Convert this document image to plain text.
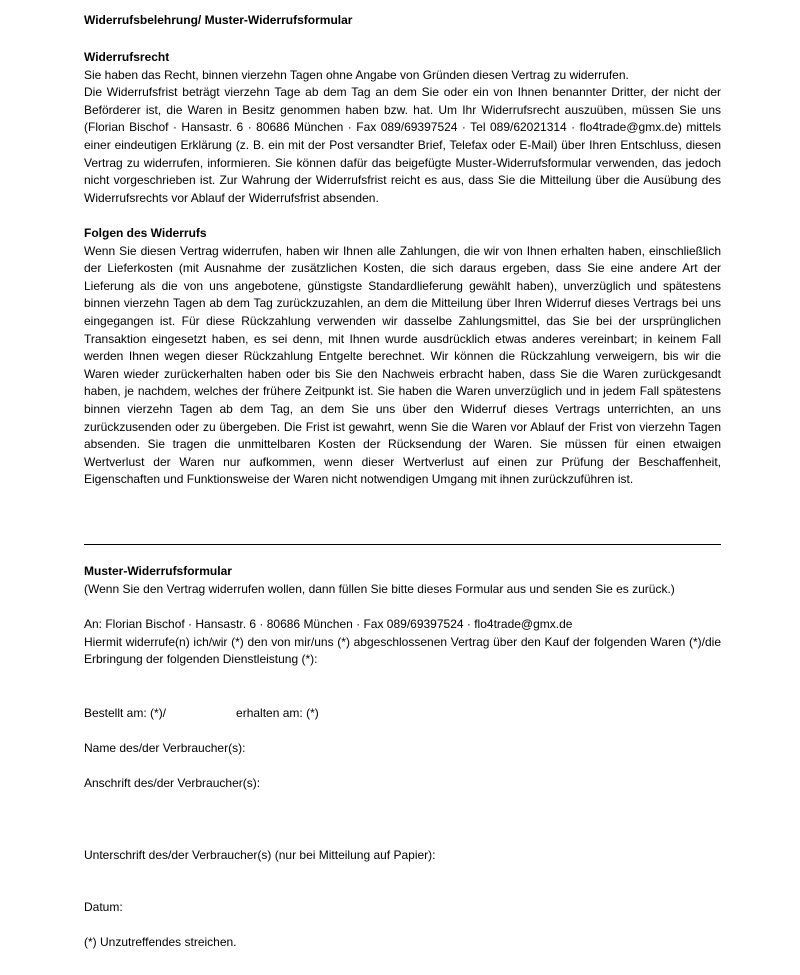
Widerrufsbelehrung/ Muster-Widerrufsformular
Widerrufsrecht

Sie haben das Recht, binnen vierzehn Tagen ohne Angabe von Gründen diesen Vertrag zu widerrufen.

Die Widerrufsfrist beträgt vierzehn Tage ab dem Tag an dem Sie oder ein von Ihnen benannter Dritter, der nicht der Beförderer ist, die Waren in Besitz genommen haben bzw. hat. Um Ihr Widerrufsrecht auszuüben, müssen Sie uns (Florian Bischof · Hansastr. 6 · 80686 München · Fax 089/69397524 · Tel 089/62021314 · flo4trade@gmx.de) mittels einer eindeutigen Erklärung (z. B. ein mit der Post versandter Brief, Telefax oder E-Mail) über Ihren Entschluss, diesen Vertrag zu widerrufen, informieren. Sie können dafür das beigefügte Muster-Widerrufsformular verwenden, das jedoch nicht vorgeschrieben ist. Zur Wahrung der Widerrufsfrist reicht es aus, dass Sie die Mitteilung über die Ausübung des Widerrufsrechts vor Ablauf der Widerrufsfrist absenden.

Folgen des Widerrufs

Wenn Sie diesen Vertrag widerrufen, haben wir Ihnen alle Zahlungen, die wir von Ihnen erhalten haben, einschließlich der Lieferkosten (mit Ausnahme der zusätzlichen Kosten, die sich daraus ergeben, dass Sie eine andere Art der Lieferung als die von uns angebotene, günstigste Standardlieferung gewählt haben), unverzüglich und spätestens binnen vierzehn Tagen ab dem Tag zurückzuzahlen, an dem die Mitteilung über Ihren Widerruf dieses Vertrags bei uns eingegangen ist. Für diese Rückzahlung verwenden wir dasselbe Zahlungsmittel, das Sie bei der ursprünglichen Transaktion eingesetzt haben, es sei denn, mit Ihnen wurde ausdrücklich etwas anderes vereinbart; in keinem Fall werden Ihnen wegen dieser Rückzahlung Entgelte berechnet. Wir können die Rückzahlung verweigern, bis wir die Waren wieder zurückerhalten haben oder bis Sie den Nachweis erbracht haben, dass Sie die Waren zurückgesandt haben, je nachdem, welches der frühere Zeitpunkt ist. Sie haben die Waren unverzüglich und in jedem Fall spätestens binnen vierzehn Tagen ab dem Tag, an dem Sie uns über den Widerruf dieses Vertrags unterrichten, an uns zurückzusenden oder zu übergeben. Die Frist ist gewahrt, wenn Sie die Waren vor Ablauf der Frist von vierzehn Tagen absenden. Sie tragen die unmittelbaren Kosten der Rücksendung der Waren. Sie müssen für einen etwaigen Wertverlust der Waren nur aufkommen, wenn dieser Wertverlust auf einen zur Prüfung der Beschaffenheit, Eigenschaften und Funktionsweise der Waren nicht notwendigen Umgang mit ihnen zurückzuführen ist.

Muster-Widerrufsformular

(Wenn Sie den Vertrag widerrufen wollen, dann füllen Sie bitte dieses Formular aus und senden Sie es zurück.)

An: Florian Bischof · Hansastr. 6 · 80686 München · Fax 089/69397524 · flo4trade@gmx.de

Hiermit widerrufe(n) ich/wir (*) den von mir/uns (*) abgeschlossenen Vertrag über den Kauf der folgenden Waren (*)/die Erbringung der folgenden Dienstleistung (*):

Bestellt am: (*)/	erhalten am: (*)
Name des/der Verbraucher(s):
Anschrift des/der Verbraucher(s):
Unterschrift des/der Verbraucher(s) (nur bei Mitteilung auf Papier):
Datum:
(*) Unzutreffendes streichen.
